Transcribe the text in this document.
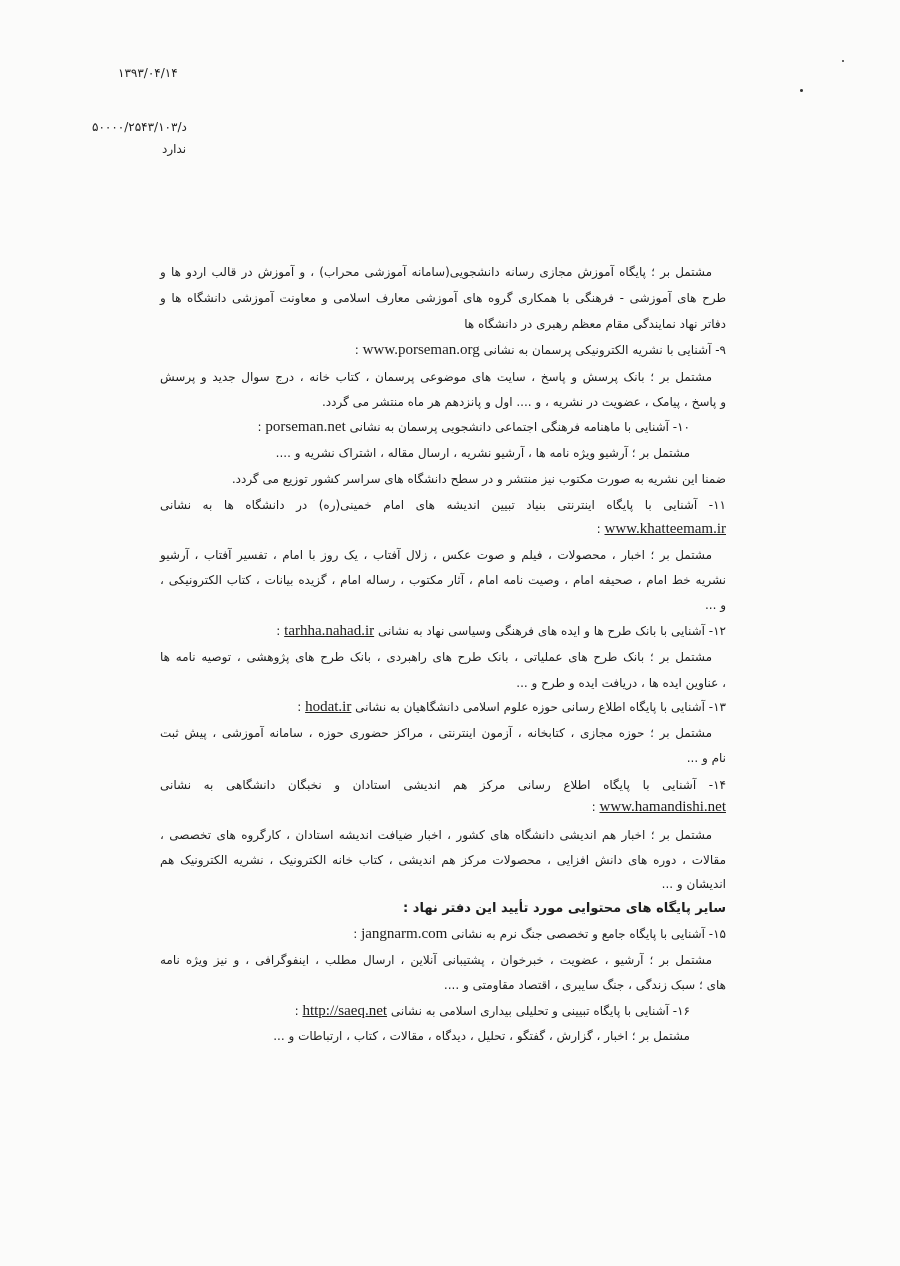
۱۳۹۳/۰۴/۱۴
د/۵۰۰۰۰/۲۵۴۳/۱۰۳
ندارد
مشتمل بر ؛ پایگاه آموزش مجازی رسانه دانشجویی(سامانه آموزشی محراب) ، و آموزش در قالب اردو ها و
طرح های آموزشی - فرهنگی با همکاری گروه های آموزشی معارف اسلامی و معاونت آموزشی دانشگاه ها و
دفاتر نهاد نمایندگی مقام معظم رهبری در دانشگاه ها
۹- آشنایی با نشریه الکترونیکی پرسمان به نشانی www.porseman.org :
مشتمل بر ؛ بانک پرسش و پاسخ ، سایت های موضوعی پرسمان ، کتاب خانه ، درج سوال جدید و پرسش
و پاسخ ، پیامک ، عضویت در نشریه ، و .... اول و پانزدهم هر ماه منتشر می گردد.
۱۰- آشنایی با ماهنامه فرهنگی اجتماعی دانشجویی پرسمان به نشانی porseman.net :
مشتمل بر ؛ آرشیو ویژه نامه ها ، آرشیو نشریه ، ارسال مقاله ، اشتراک نشریه و ....
ضمنا این نشریه به صورت مکتوب نیز منتشر و در سطح دانشگاه های سراسر کشور توزیع می گردد.
۱۱- آشنایی با پایگاه اینترنتی بنیاد تبیین اندیشه های امام خمینی(ره) در دانشگاه ها به نشانی
www.khatteemam.ir :
مشتمل بر ؛ اخبار ، محصولات ، فیلم و صوت عکس ، زلال آفتاب ، یک روز با امام ، تفسیر آفتاب ، آرشیو
نشریه خط امام ، صحیفه امام ، وصیت نامه امام ، آثار مکتوب ، رساله امام ، گزیده بیانات ، کتاب الکترونیکی ،
و ...
۱۲- آشنایی با بانک طرح ها و ایده های فرهنگی وسیاسی نهاد به نشانی tarhha.nahad.ir :
مشتمل بر ؛ بانک طرح های عملیاتی ، بانک طرح های راهبردی ، بانک طرح های پژوهشی ، توصیه نامه ها
، عناوین ایده ها ، دریافت ایده و طرح و ...
۱۳- آشنایی با پایگاه اطلاع رسانی حوزه علوم اسلامی دانشگاهیان به نشانی hodat.ir :
مشتمل بر ؛ حوزه مجازی ، کتابخانه ، آزمون اینترنتی ، مراکز حضوری حوزه ، سامانه آموزشی ، پیش ثبت
نام و ...
۱۴- آشنایی با پایگاه اطلاع رسانی مرکز هم اندیشی استادان و نخبگان دانشگاهی به نشانی
www.hamandishi.net :
مشتمل بر ؛ اخبار هم اندیشی دانشگاه های کشور ، اخبار ضیافت اندیشه استادان ، کارگروه های تخصصی ،
مقالات ، دوره های دانش افزایی ، محصولات مرکز هم اندیشی ، کتاب خانه الکترونیک ، نشریه الکترونیک هم
اندیشان و ...
سایر پایگاه های محتوایی مورد تأیید این دفتر نهاد :
۱۵- آشنایی با پایگاه جامع و تخصصی جنگ نرم به نشانی jangnarm.com :
مشتمل بر ؛ آرشیو ، عضویت ، خبرخوان ، پشتیبانی آنلاین ، ارسال مطلب ، اینفوگرافی ، و نیز ویژه نامه
های ؛ سبک زندگی ، جنگ سایبری ، اقتصاد مقاومتی و ....
۱۶- آشنایی با پایگاه تبیینی و تحلیلی بیداری اسلامی به نشانی http://saeq.net :
مشتمل بر ؛ اخبار ، گزارش ، گفتگو ، تحلیل ، دیدگاه ، مقالات ، کتاب ، ارتباطات و ...
